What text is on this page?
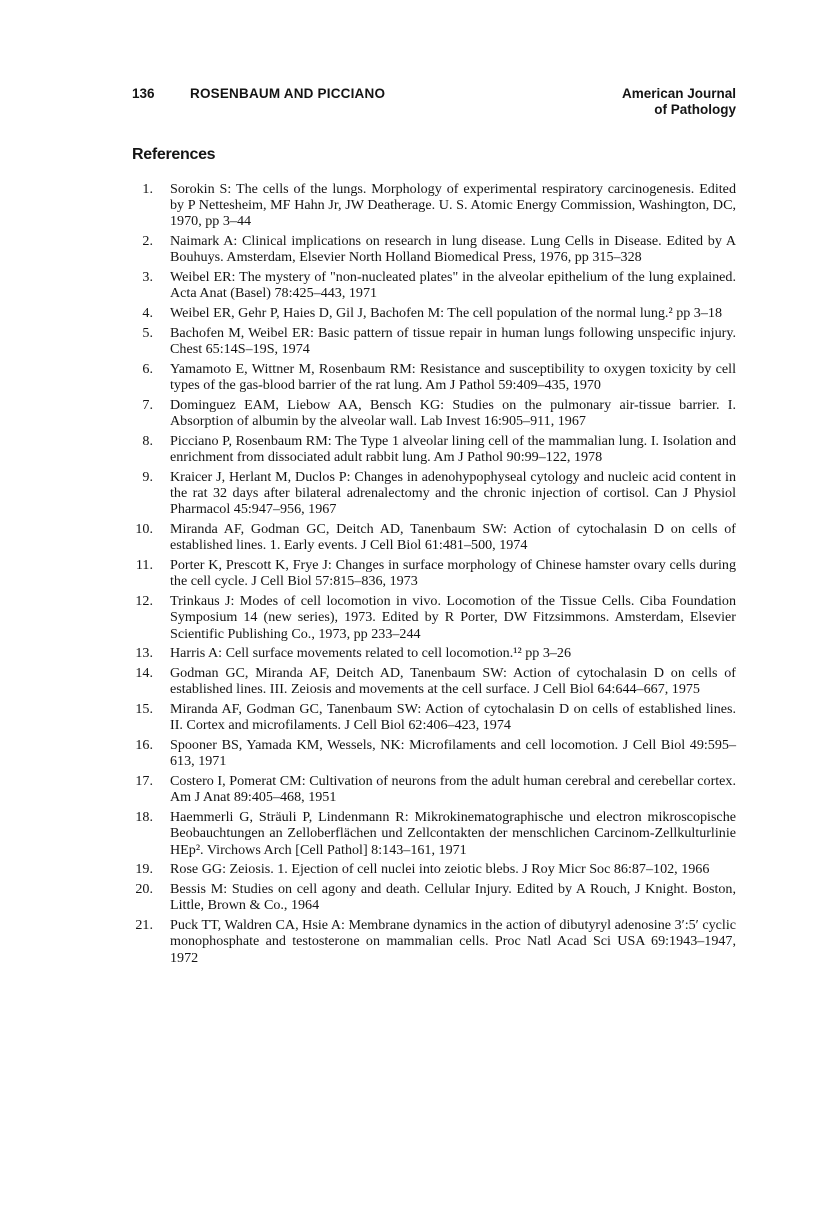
136	ROSENBAUM AND PICCIANO	American Journal
of Pathology
References
1. Sorokin S: The cells of the lungs. Morphology of experimental respiratory carcinogenesis. Edited by P Nettesheim, MF Hahn Jr, JW Deatherage. U. S. Atomic Energy Commission, Washington, DC, 1970, pp 3–44
2. Naimark A: Clinical implications on research in lung disease. Lung Cells in Disease. Edited by A Bouhuys. Amsterdam, Elsevier North Holland Biomedical Press, 1976, pp 315–328
3. Weibel ER: The mystery of "non-nucleated plates" in the alveolar epithelium of the lung explained. Acta Anat (Basel) 78:425–443, 1971
4. Weibel ER, Gehr P, Haies D, Gil J, Bachofen M: The cell population of the normal lung.² pp 3–18
5. Bachofen M, Weibel ER: Basic pattern of tissue repair in human lungs following unspecific injury. Chest 65:14S–19S, 1974
6. Yamamoto E, Wittner M, Rosenbaum RM: Resistance and susceptibility to oxygen toxicity by cell types of the gas-blood barrier of the rat lung. Am J Pathol 59:409–435, 1970
7. Dominguez EAM, Liebow AA, Bensch KG: Studies on the pulmonary air-tissue barrier. I. Absorption of albumin by the alveolar wall. Lab Invest 16:905–911, 1967
8. Picciano P, Rosenbaum RM: The Type 1 alveolar lining cell of the mammalian lung. I. Isolation and enrichment from dissociated adult rabbit lung. Am J Pathol 90:99–122, 1978
9. Kraicer J, Herlant M, Duclos P: Changes in adenohypophyseal cytology and nucleic acid content in the rat 32 days after bilateral adrenalectomy and the chronic injection of cortisol. Can J Physiol Pharmacol 45:947–956, 1967
10. Miranda AF, Godman GC, Deitch AD, Tanenbaum SW: Action of cytochalasin D on cells of established lines. 1. Early events. J Cell Biol 61:481–500, 1974
11. Porter K, Prescott K, Frye J: Changes in surface morphology of Chinese hamster ovary cells during the cell cycle. J Cell Biol 57:815–836, 1973
12. Trinkaus J: Modes of cell locomotion in vivo. Locomotion of the Tissue Cells. Ciba Foundation Symposium 14 (new series), 1973. Edited by R Porter, DW Fitzsimmons. Amsterdam, Elsevier Scientific Publishing Co., 1973, pp 233–244
13. Harris A: Cell surface movements related to cell locomotion.¹² pp 3–26
14. Godman GC, Miranda AF, Deitch AD, Tanenbaum SW: Action of cytochalasin D on cells of established lines. III. Zeiosis and movements at the cell surface. J Cell Biol 64:644–667, 1975
15. Miranda AF, Godman GC, Tanenbaum SW: Action of cytochalasin D on cells of established lines. II. Cortex and microfilaments. J Cell Biol 62:406–423, 1974
16. Spooner BS, Yamada KM, Wessels, NK: Microfilaments and cell locomotion. J Cell Biol 49:595–613, 1971
17. Costero I, Pomerat CM: Cultivation of neurons from the adult human cerebral and cerebellar cortex. Am J Anat 89:405–468, 1951
18. Haemmerli G, Sträuli P, Lindenmann R: Mikrokinematographische und electron mikroscopische Beobauchtungen an Zelloberflächen und Zellcontakten der menschlichen Carcinom-Zellkulturlinie HEp². Virchows Arch [Cell Pathol] 8:143–161, 1971
19. Rose GG: Zeiosis. 1. Ejection of cell nuclei into zeiotic blebs. J Roy Micr Soc 86:87–102, 1966
20. Bessis M: Studies on cell agony and death. Cellular Injury. Edited by A Rouch, J Knight. Boston, Little, Brown & Co., 1964
21. Puck TT, Waldren CA, Hsie A: Membrane dynamics in the action of dibutyryl adenosine 3′:5′ cyclic monophosphate and testosterone on mammalian cells. Proc Natl Acad Sci USA 69:1943–1947, 1972
